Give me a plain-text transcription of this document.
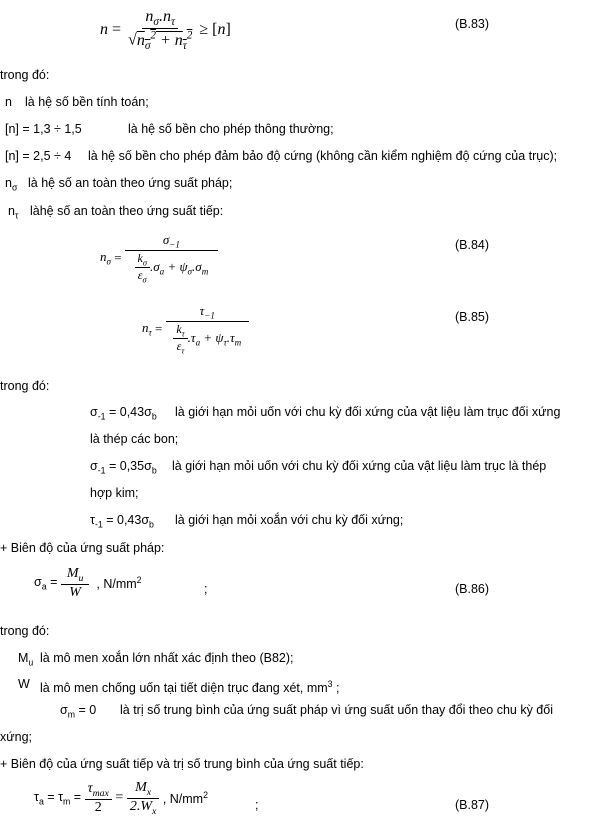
$n = \frac{n_\sigma.n_\tau}{√n_\sigma^2 + n_\tau^2}$ ≥ [ n ]	(B.83)
trong đó:
n là hệ số bền tính toán;
[n] = 1,3 ÷ 1,5	là hệ số bền cho phép thông thường;
[n] = 2,5 ÷ 4 là hệ số bền cho phép đảm bảo độ cứng (không cần kiểm nghiệm độ cứng của trục);
$n_\sigma$ là hệ số an toàn theo ứng suất pháp;
$n_\tau$ làhệ số an toàn theo ứng suất tiếp:
$n_\sigma = \frac{\sigma_{-1}}{\frac{k_\sigma}{\varepsilon_\sigma} .\sigma_a + \psi_\sigma.\sigma_m}$	(B.84)
$n_\tau = \frac{\tau_{-1}}{\frac{k_\tau}{\varepsilon_\tau} .\tau_a + \psi_\tau.\tau_m}$	(B.85)
trong đó:
$\sigma_{-1} = 0,43\sigma_b$ là giới hạn mỏi uốn với chu kỳ đối xứng của vật liệu làm trục đối xứng
là thép các bon;
$\sigma_{-1} = 0,35\sigma_b$ là giới hạn mỏi uốn với chu kỳ đối xứng của vật liệu làm trục là thép
hợp kim;
$\tau_{-1} = 0,43\sigma_b$ là giới hạn mỏi xoắn với chu kỳ đối xứng;
+ Biên độ của ứng suất pháp:
$\sigma_a = \frac{M_u}{W}$ , $N/mm^2$
;	(B.86)
trong đó:
$M_u$ là mô men xoắn lớn nhất xác định theo (B82);
W là mô men chống uốn tại tiết diện trục đang xét, $mm^3$ ;
$\sigma_m = 0$ là trị số trung bình của ứng suất pháp vì ứng suất uốn thay đổi theo chu kỳ đối
xứng;
+ Biên độ của ứng suất tiếp và trị số trung bình của ứng suất tiếp:
$\tau_a = \tau_m = \frac{\tau_{max}}{2} = \frac{M_x}{2.W_x}$ , $N/mm^2$
;	(B.87)
